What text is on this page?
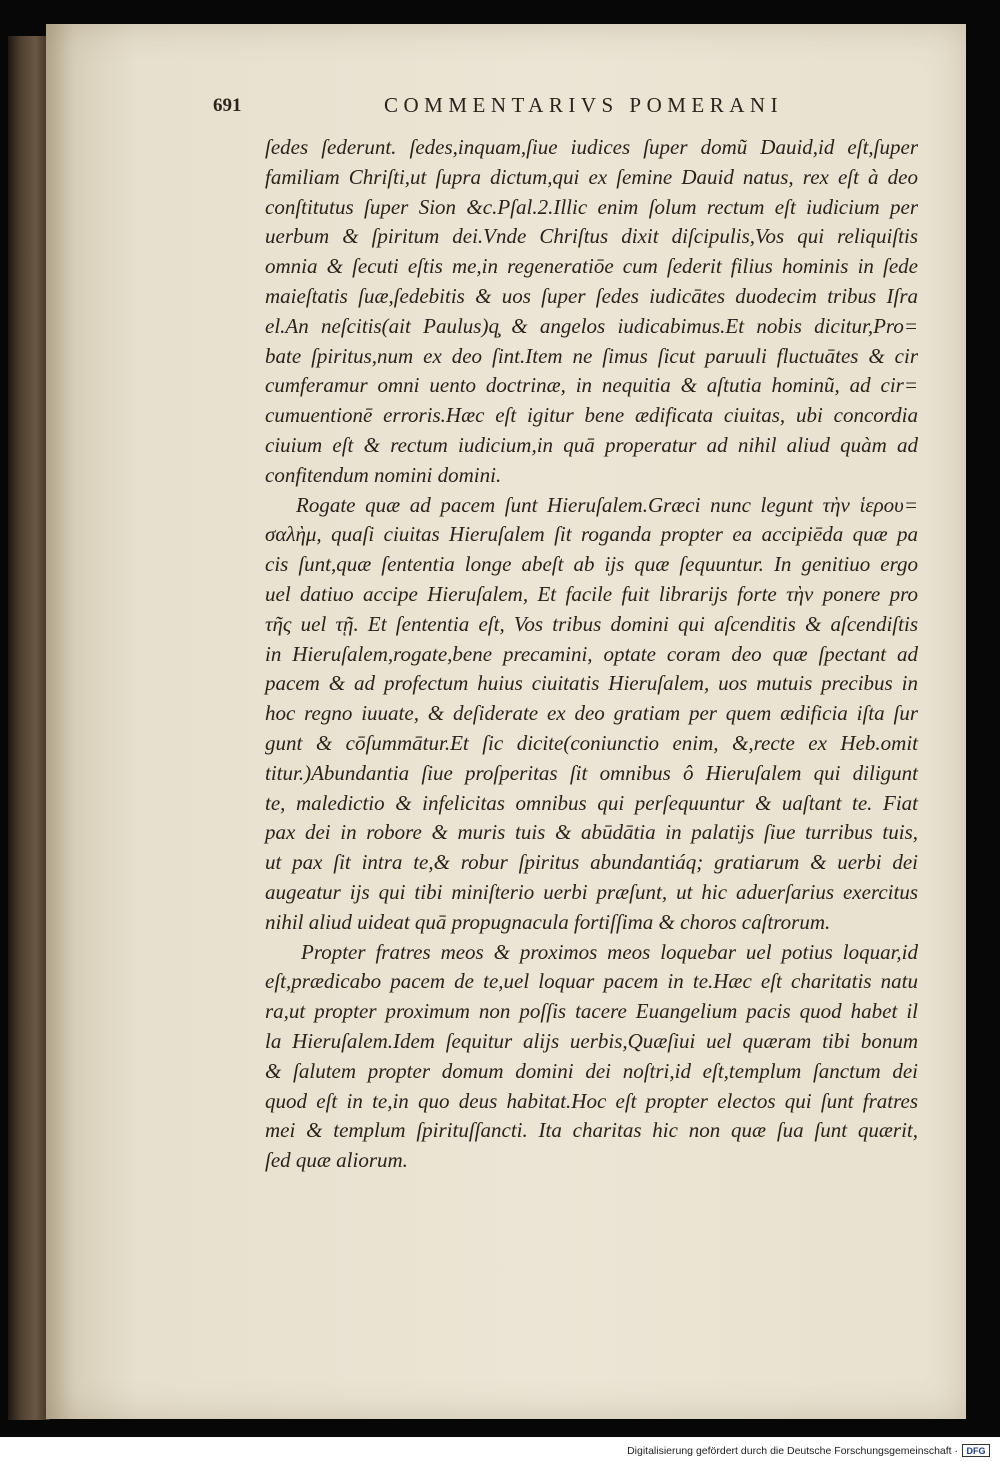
691	COMMENTARIVS POMERANI
ſedes ſederunt. ſedes,inquam,ſiue iudices ſuper domũ Dauid,id eſt,ſuper
familiam Chriſti,ut ſupra dictum,qui ex ſemine Dauid natus, rex eſt à deo
conſtitutus ſuper Sion &c.Pſal.2.Illic enim ſolum rectum eſt iudicium per
uerbum & ſpiritum dei.Vnde Chriſtus dixit diſcipulis,Vos qui reliquiſtis
omnia & ſecuti eſtis me,in regeneratiōe cum ſederit filius hominis in ſede
maieſtatis ſuæ,ſedebitis & uos ſuper ſedes iudicātes duodecim tribus Iſra
el.An neſcitis(ait Paulus)q̧ & angelos iudicabimus.Et nobis dicitur,Pro=
bate ſpiritus,num ex deo ſint.Item ne ſimus ſicut paruuli fluctuātes & cir
cumferamur omni uento doctrinæ, in nequitia & aſtutia hominũ, ad cir=
cumuentionē erroris.Hæc eſt igitur bene ædificata ciuitas, ubi concordia
ciuium eſt & rectum iudicium,in quā properatur ad nihil aliud quàm ad
confitendum nomini domini.
Rogate quæ ad pacem ſunt Hieruſalem.Græci nunc legunt τὴν ἱερου=
σαλὴμ, quaſi ciuitas Hieruſalem ſit roganda propter ea accipiēda quæ pa
cis ſunt,quæ ſententia longe abeſt ab ijs quæ ſequuntur. In genitiuo ergo
uel datiuo accipe Hieruſalem, Et facile fuit librarijs forte τὴν ponere pro
τῆς uel τῇ. Et ſententia eſt, Vos tribus domini qui aſcenditis & aſcendiſtis
in Hieruſalem,rogate,bene precamini, optate coram deo quæ ſpectant ad
pacem & ad profectum huius ciuitatis Hieruſalem, uos mutuis precibus in
hoc regno iuuate, & deſiderate ex deo gratiam per quem ædificia iſta ſur
gunt & cōſummātur.Et ſic dicite(coniunctio enim, &,recte ex Heb.omit
titur.)Abundantia ſiue proſperitas ſit omnibus ô Hieruſalem qui diligunt
te, maledictio & infelicitas omnibus qui perſequuntur & uaſtant te. Fiat
pax dei in robore & muris tuis & abūdātia in palatijs ſiue turribus tuis,
ut pax ſit intra te,& robur ſpiritus abundantiáq; gratiarum & uerbi dei
augeatur ijs qui tibi miniſterio uerbi præſunt, ut hic aduerſarius exercitus
nihil aliud uideat quā propugnacula fortiſſima & choros caſtrorum.
Propter fratres meos & proximos meos loquebar uel potius loquar,id
eſt,prædicabo pacem de te,uel loquar pacem in te.Hæc eſt charitatis natu
ra,ut propter proximum non poſſis tacere Euangelium pacis quod habet il
la Hieruſalem.Idem ſequitur alijs uerbis,Quæſiui uel quæram tibi bonum
& ſalutem propter domum domini dei noſtri,id eſt,templum ſanctum dei
quod eſt in te,in quo deus habitat.Hoc eſt propter electos qui ſunt fratres
mei & templum ſpirituſſancti. Ita charitas hic non quæ ſua ſunt quærit,
ſed quæ aliorum.
Digitalisierung gefördert durch die Deutsche Forschungsgemeinschaft · DFG
